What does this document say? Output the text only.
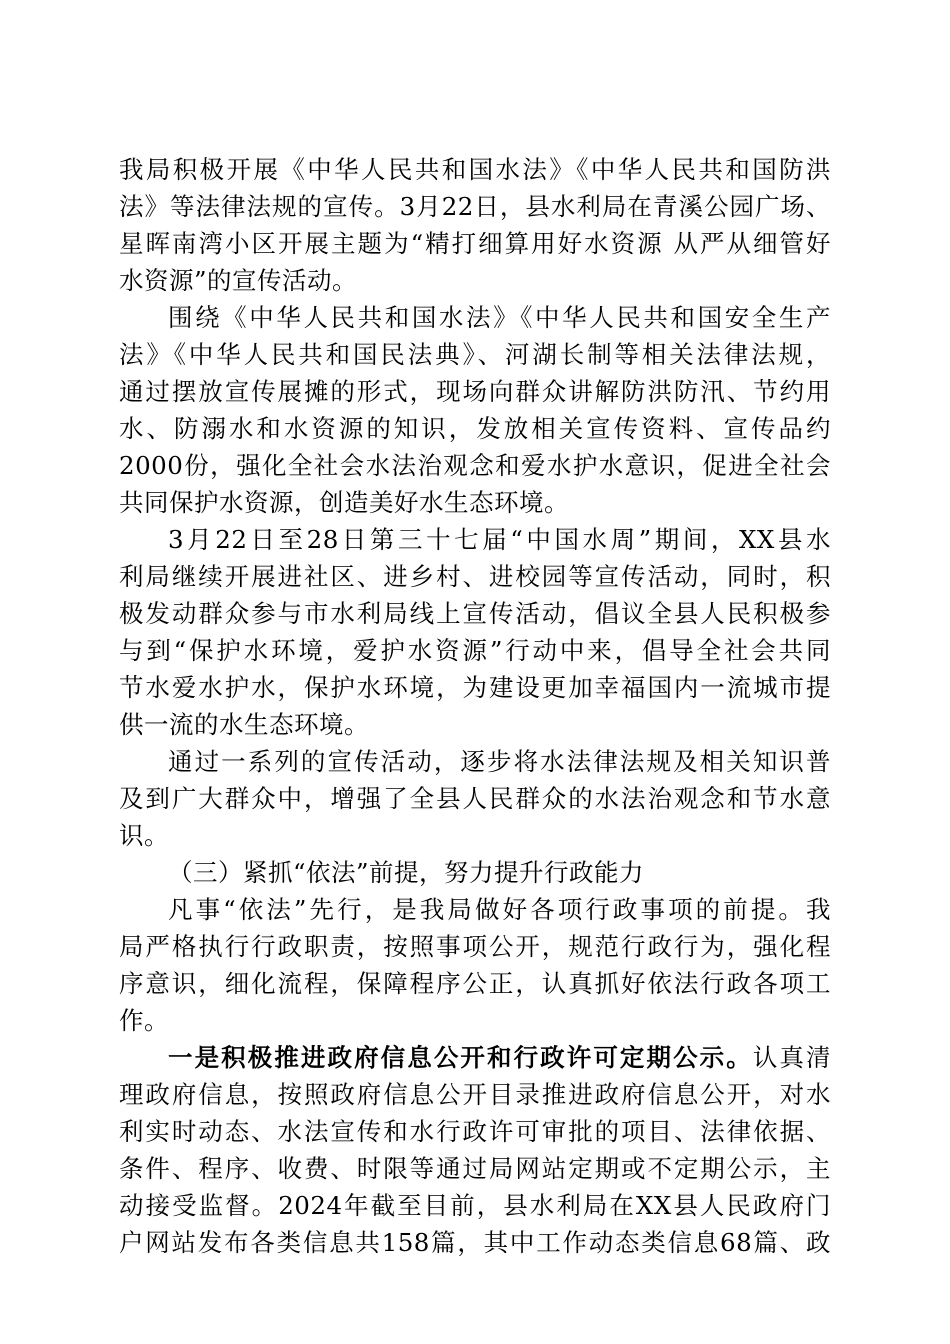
我局积极开展《中华人民共和国水法》《中华人民共和国防洪
法》等法律法规的宣传。3月22日，县水利局在青溪公园广场、
星晖南湾小区开展主题为“精打细算用好水资源 从严从细管好
水资源”的宣传活动。
围绕《中华人民共和国水法》《中华人民共和国安全生产
法》《中华人民共和国民法典》、河湖长制等相关法律法规，
通过摆放宣传展摊的形式，现场向群众讲解防洪防汛、节约用
水、防溺水和水资源的知识，发放相关宣传资料、宣传品约
2000份，强化全社会水法治观念和爱水护水意识，促进全社会
共同保护水资源，创造美好水生态环境。
3月22日至28日第三十七届“中国水周”期间，XX县水
利局继续开展进社区、进乡村、进校园等宣传活动，同时，积
极发动群众参与市水利局线上宣传活动，倡议全县人民积极参
与到“保护水环境，爱护水资源”行动中来，倡导全社会共同
节水爱水护水，保护水环境，为建设更加幸福国内一流城市提
供一流的水生态环境。
通过一系列的宣传活动，逐步将水法律法规及相关知识普
及到广大群众中，增强了全县人民群众的水法治观念和节水意
识。
（三）紧抓“依法”前提，努力提升行政能力
凡事“依法”先行，是我局做好各项行政事项的前提。我
局严格执行行政职责，按照事项公开，规范行政行为，强化程
序意识，细化流程，保障程序公正，认真抓好依法行政各项工
作。
一是积极推进政府信息公开和行政许可定期公示。认真清
理政府信息，按照政府信息公开目录推进政府信息公开，对水
利实时动态、水法宣传和水行政许可审批的项目、法律依据、
条件、程序、收费、时限等通过局网站定期或不定期公示，主
动接受监督。2024年截至目前，县水利局在XX县人民政府门
户网站发布各类信息共158篇，其中工作动态类信息68篇、政
